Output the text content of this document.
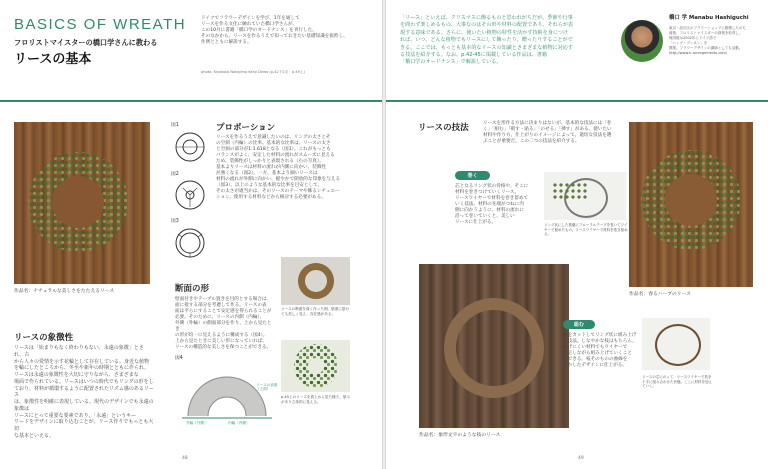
BASICS OF WREATH
フロリストマイスターの橋口学さんに教わる
リースの基本
ドイツでフラワーデザインを学び、1年を通して
リースを作る文化に触れていた橋口学さんが、
この10月に書籍「橋口学のオードナンス」を刊行した。
そのなかから、リースを作るうえで知っておきたい基礎知識を抜粋し、
作例とともに解説する。
photo: Kiyotaka Nakajima Kenji Dewa (p.42下2点、p.49上)
作品名：ナチュラルな美しさをたたえるリース
リースの象徴性
リースは「始まりもなく終わりもない、永遠の象徴」とされ、古
から人々の愛情を示す花輪として存在している。身近な植物
を輪にしたところから、冬至や新年の時期とともに作られ、
リースは永遠の象徴性を大切に守りながら、さまざまな
場面で作られている。リースはいつの時代でもリングの形をし
ており、材料が循環するように配置されたリズム感のあるリース
は、象徴性を明確に表現している。現代のデザインでも永遠の象徴は
リースにとって重要な要素であり、「永遠」というキー
ワードをデザインに取り込むことが、リース作りでもっとも大切
な基本といえる。
図1
図2
図3
プロポーション
リースを作るうえで意識したいのは、リングの太さとそ
の空洞（内輪）の比率。基本的な比率は、リースの太さ
と空洞の部分が1:1.618となる（図1）。これがもっとも
バランスがよく、安定した材料の流れがスムーズに見える
ため、装飾性がしっかりと表現される（右の写真）。
基本よりリースは材料の流れが内側に向かい、装飾性
が強くなる（図2）。一方、基本より細いリースは
材料の流れが外側に向かい、軽やかで開放的な印象を与える
（図3）。以上のような基本的な比率を目安として、
その太さが適当かは、そのリースのテーマや飾るシチュエー
ション、使用する材料などから検討する必要がある。
断面の形
壁面付きやテーブル置きを目的とする場合は、
面に接する部分を考慮して作る。リースの表
面は平らにすることで安定感を得られることが
必要。そのために、リースの内側（内輪）、
外側（外輪）の側面部分を作り、上から見たとき
の形が均一に見えるように構成する（図4）。
上から見たときに美しい形になっていれば、
リースの構造的な美しさを保つことができる。
図4
外輪（外側）	内輪（内側）
リースの表面（上面）
リースの断面を薄く作った例。壁面に掛けても美しく見え、存在感がある。
p.45上のリースを真上から見た様子。厚みがあり立体的に見える。
48
「リース」といえば、クリスマスに飾るものと思われがちだが、季節や行事
を問わず楽しめるもの。大事なのはその形や材料の配置であり、それらが表
現する意味である。さらに、使いたい植物の特性を活かす技術を身につけ
れば、いつ、どんな植物でもリースにして飾ったり、贈ったりすることがで
きる。ここでは、もっとも基本的なリースの知識とさまざまな植物に対応す
る技法を紹介する。なお、p.42-45に掲載している作品は、書籍
「橋口学のオードナンス」で解説している。
橋口 学 Manabu Hashiguchi
東京・品川区のフラワーショップに勤務したのち
渡独。フロリストマイスターの資格を取得し、
帰国後は2002年にドイツ語で
「ハッグ・ブンネン」を
開業。フラワーデザインの講師としても活動。
http://www.h-arrangements.com/
リースの技法	リースを形作る方法に決まりはないが、基本的な技法には「巻
く」「組む」「刺す・貼る」「のせる」「挿す」がある。使いたい
材料や作り方、仕上がりのイメージによって、適切な技法を選
ぶことが重要だ。この二つの技法を紹介する。
巻く
芯となるリング状の骨格や、そこに
材料を巻きつけていくリース。
リースワイヤーで材料を巻き留めて
いく技法。材料の先端がつねに内
側に向かうように、材料の流れに
沿って巻いていくと、美しい
リースに仕上がる。
リング状にした基盤にフローラルテープを巻いてワイヤーで留めたもの。リースワイヤーで材料を巻き留める。
作品名：象形文字のような枝のリース
組む
枝をカットしてリング状に組み上げ
る技法。しなやかな枝はもちろん、
曲げにくい材料でもワイヤーで
固定しながら組み上げていくこと
ができる。枝そのものの曲線を
活かしたデザインに仕上がる。
作品名：春るハーブのリース
リースの芯にのって、リースワイヤーで枝を十字に組み合わせた状態。ここに材料を加えていく。
49
